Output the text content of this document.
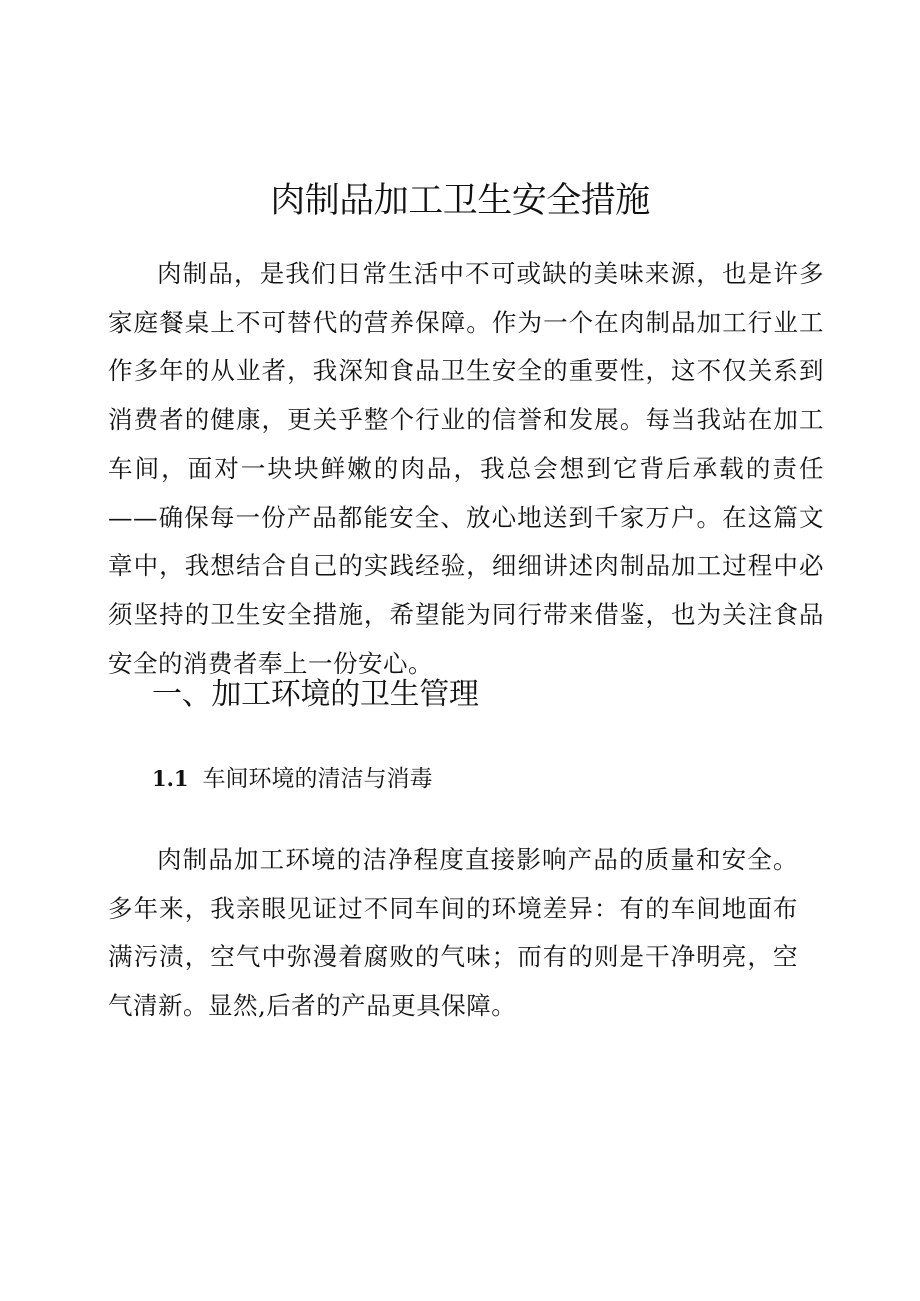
肉制品加工卫生安全措施

肉制品，是我们日常生活中不可或缺的美味来源，也是许多家庭餐桌上不可替代的营养保障。作为一个在肉制品加工行业工作多年的从业者，我深知食品卫生安全的重要性，这不仅关系到消费者的健康，更关乎整个行业的信誉和发展。每当我站在加工车间，面对一块块鲜嫩的肉品，我总会想到它背后承载的责任——确保每一份产品都能安全、放心地送到千家万户。在这篇文章中，我想结合自己的实践经验，细细讲述肉制品加工过程中必须坚持的卫生安全措施，希望能为同行带来借鉴，也为关注食品安全的消费者奉上一份安心。

一、加工环境的卫生管理
1.1 车间环境的清洁与消毒

肉制品加工环境的洁净程度直接影响产品的质量和安全。多年来，我亲眼见证过不同车间的环境差异：有的车间地面布满污渍，空气中弥漫着腐败的气味；而有的则是干净明亮，空气清新。显然,后者的产品更具保障。
